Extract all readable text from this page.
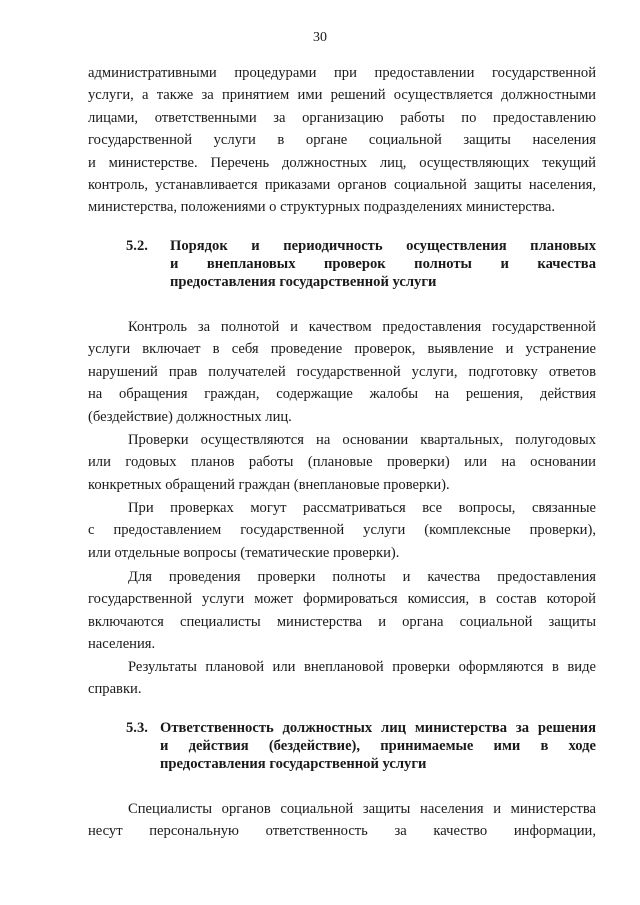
30
административными процедурами при предоставлении государственной
услуги, а также за принятием ими решений осуществляется должностными
лицами, ответственными за организацию работы по предоставлению
государственной услуги в органе социальной защиты населения
и министерстве. Перечень должностных лиц, осуществляющих текущий
контроль, устанавливается приказами органов социальной защиты населения,
министерства, положениями о структурных подразделениях министерства.
5.2. Порядок и периодичность осуществления плановых
и внеплановых проверок полноты и качества
предоставления государственной услуги
Контроль за полнотой и качеством предоставления государственной
услуги включает в себя проведение проверок, выявление и устранение
нарушений прав получателей государственной услуги, подготовку ответов
на обращения граждан, содержащие жалобы на решения, действия
(бездействие) должностных лиц.
Проверки осуществляются на основании квартальных, полугодовых
или годовых планов работы (плановые проверки) или на основании
конкретных обращений граждан (внеплановые проверки).
При проверках могут рассматриваться все вопросы, связанные
с предоставлением государственной услуги (комплексные проверки),
или отдельные вопросы (тематические проверки).
Для проведения проверки полноты и качества предоставления
государственной услуги может формироваться комиссия, в состав которой
включаются специалисты министерства и органа социальной защиты
населения.
Результаты плановой или внеплановой проверки оформляются в виде
справки.
5.3. Ответственность должностных лиц министерства за решения
и действия (бездействие), принимаемые ими в ходе
предоставления государственной услуги
Специалисты органов социальной защиты населения и министерства
несут персональную ответственность за качество информации,
